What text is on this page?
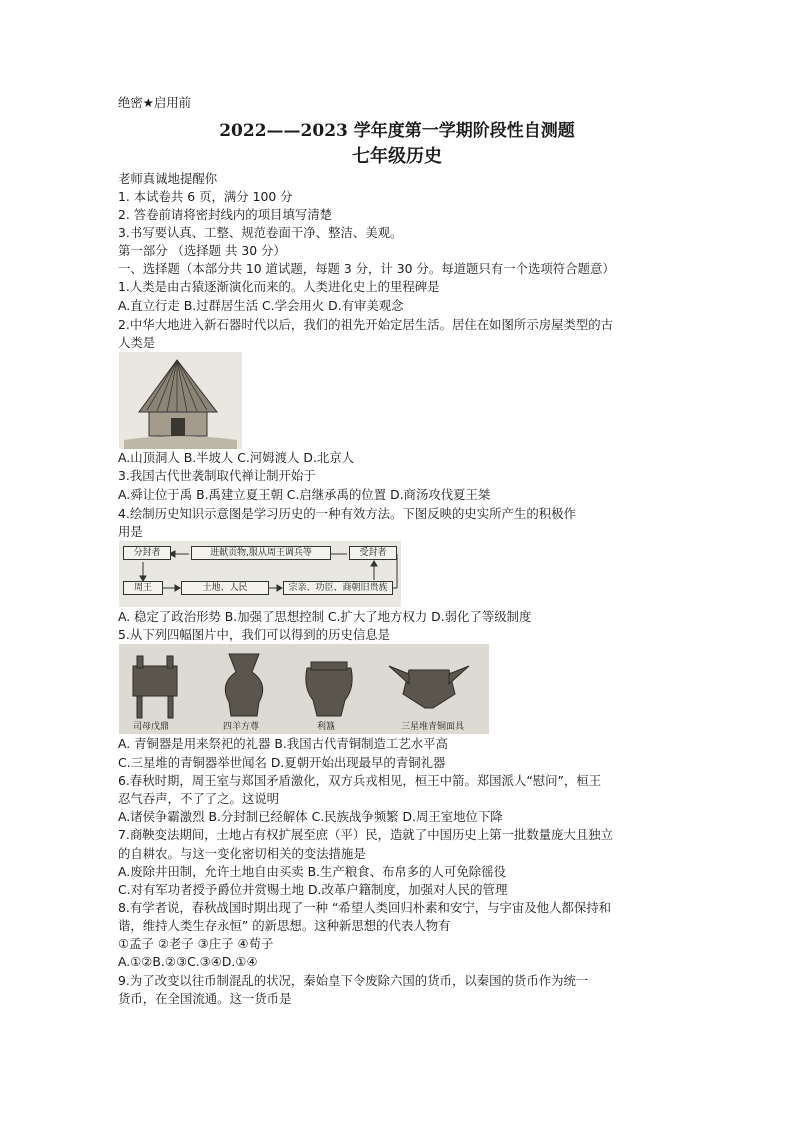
绝密★启用前
2022——2023 学年度第一学期阶段性自测题
七年级历史
老师真诚地提醒你
1. 本试卷共 6 页，满分 100 分
2. 答卷前请将密封线内的项目填写清楚
3.书写要认真、工整、规范卷面干净、整洁、美观。
第一部分 （选择题 共 30 分）
一、选择题（本部分共 10 道试题，每题 3 分，计 30 分。每道题只有一个选项符合题意）
1.人类是由古猿逐渐演化而来的。人类进化史上的里程碑是
A.直立行走 B.过群居生活 C.学会用火 D.有审美观念
2.中华大地进入新石器时代以后，我们的祖先开始定居生活。居住在如图所示房屋类型的古
人类是
A.山顶洞人 B.半坡人 C.河姆渡人 D.北京人
3.我国古代世袭制取代禅让制开始于
A.舜让位于禹 B.禹建立夏王朝 C.启继承禹的位置 D.商汤攻伐夏王桀
4.绘制历史知识示意图是学习历史的一种有效方法。下图反映的史实所产生的积极作
用是
分封者	进献贡物,服从周王调兵等	受封者
周王	土地、人民	宗亲、功臣、商朝旧贵族
A. 稳定了政治形势 B.加强了思想控制 C.扩大了地方权力 D.弱化了等级制度
5.从下列四幅图片中，我们可以得到的历史信息是
司母戊鼎	四羊方尊	利簋	三星堆青铜面具
A. 青铜器是用来祭祀的礼器 B.我国古代青铜制造工艺水平高
C.三星堆的青铜器举世闻名 D.夏朝开始出现最早的青铜礼器
6.春秋时期，周王室与郑国矛盾激化，双方兵戎相见，桓王中箭。郑国派人“慰问”，桓王
忍气吞声，不了了之。这说明
A.诸侯争霸激烈 B.分封制已经解体 C.民族战争频繁 D.周王室地位下降
7.商鞅变法期间，土地占有权扩展至庶（平）民，造就了中国历史上第一批数量庞大且独立
的自耕农。与这一变化密切相关的变法措施是
A.废除井田制，允许土地自由买卖 B.生产粮食、布帛多的人可免除徭役
C.对有军功者授予爵位并赏赐土地 D.改革户籍制度，加强对人民的管理
8.有学者说，春秋战国时期出现了一种 “希望人类回归朴素和安宁，与宇宙及他人都保持和
谐，维持人类生存永恒” 的新思想。这种新思想的代表人物有
①孟子 ②老子 ③庄子 ④荀子
A.①②B.②③C.③④D.①④
9.为了改变以往币制混乱的状况，秦始皇下令废除六国的货币，以秦国的货币作为统一
货币，在全国流通。这一货币是
